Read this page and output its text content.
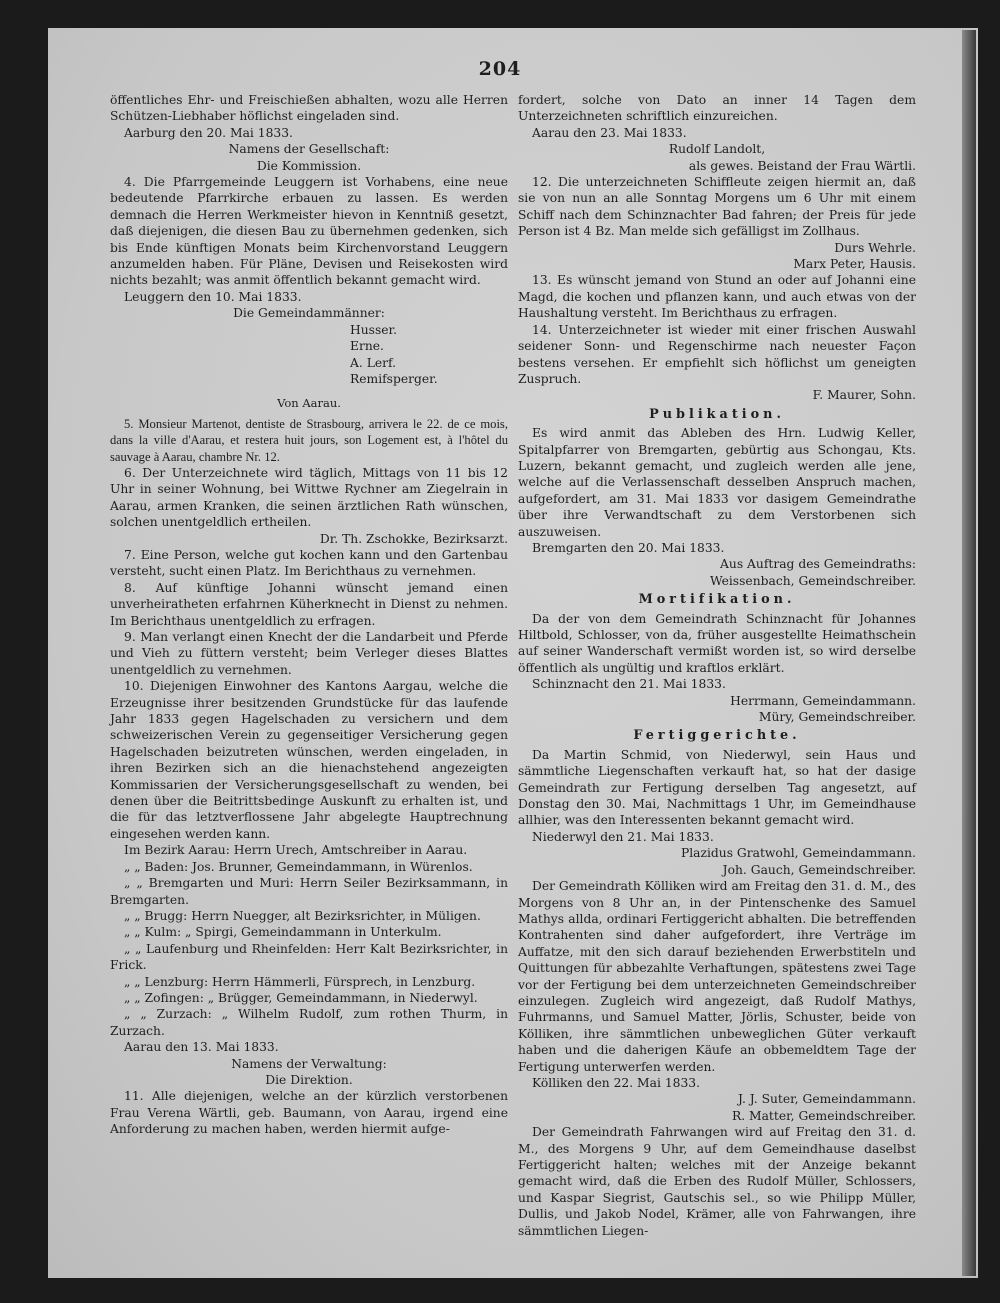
204

öffentliches Ehr- und Freischießen abhalten, wozu alle Herren Schützen-Liebhaber höflichst eingeladen sind.

Aarburg den 20. Mai 1833.

Namens der Gesellschaft:

Die Kommission.

4. Die Pfarrgemeinde Leuggern ist Vorhabens, eine neue bedeutende Pfarrkirche erbauen zu lassen. Es werden demnach die Herren Werkmeister hievon in Kenntniß gesetzt, daß diejenigen, die diesen Bau zu übernehmen gedenken, sich bis Ende künftigen Monats beim Kirchenvorstand Leuggern anzumelden haben. Für Pläne, Devisen und Reisekosten wird nichts bezahlt; was anmit öffentlich bekannt gemacht wird.

Leuggern den 10. Mai 1833.

Die Gemeindammänner:

Husser.

Erne.

A. Lerf.

Remifsperger.

Von Aarau.

5. Monsieur Martenot, dentiste de Strasbourg, arrivera le 22. de ce mois, dans la ville d'Aarau, et restera huit jours, son Logement est, à l'hôtel du sauvage à Aarau, chambre Nr. 12.

6. Der Unterzeichnete wird täglich, Mittags von 11 bis 12 Uhr in seiner Wohnung, bei Wittwe Rychner am Ziegelrain in Aarau, armen Kranken, die seinen ärztlichen Rath wünschen, solchen unentgeldlich ertheilen.

Dr. Th. Zschokke, Bezirksarzt.

7. Eine Person, welche gut kochen kann und den Gartenbau versteht, sucht einen Platz. Im Berichthaus zu vernehmen.

8. Auf künftige Johanni wünscht jemand einen unverheiratheten erfahrnen Küherknecht in Dienst zu nehmen. Im Berichthaus unentgeldlich zu erfragen.

9. Man verlangt einen Knecht der die Landarbeit und Pferde und Vieh zu füttern versteht; beim Verleger dieses Blattes unentgeldlich zu vernehmen.

10. Diejenigen Einwohner des Kantons Aargau, welche die Erzeugnisse ihrer besitzenden Grundstücke für das laufende Jahr 1833 gegen Hagelschaden zu versichern und dem schweizerischen Verein zu gegenseitiger Versicherung gegen Hagelschaden beizutreten wünschen, werden eingeladen, in ihren Bezirken sich an die hienachstehend angezeigten Kommissarien der Versicherungsgesellschaft zu wenden, bei denen über die Beitrittsbedinge Auskunft zu erhalten ist, und die für das letztverflossene Jahr abgelegte Hauptrechnung eingesehen werden kann.

Im Bezirk Aarau: Herrn Urech, Amtschreiber in Aarau.

„ „ Baden: Jos. Brunner, Gemeindammann, in Würenlos.

„ „ Bremgarten und Muri: Herrn Seiler Bezirksammann, in Bremgarten.

„ „ Brugg: Herrn Nuegger, alt Bezirksrichter, in Müligen.

„ „ Kulm: „ Spirgi, Gemeindammann in Unterkulm.

„ „ Laufenburg und Rheinfelden: Herr Kalt Bezirksrichter, in Frick.

„ „ Lenzburg: Herrn Hämmerli, Fürsprech, in Lenzburg.

„ „ Zofingen: „ Brügger, Gemeindammann, in Niederwyl.

„ „ Zurzach: „ Wilhelm Rudolf, zum rothen Thurm, in Zurzach.

Aarau den 13. Mai 1833.

Namens der Verwaltung:

Die Direktion.

11. Alle diejenigen, welche an der kürzlich verstorbenen Frau Verena Wärtli, geb. Baumann, von Aarau, irgend eine Anforderung zu machen haben, werden hiermit aufge-

fordert, solche von Dato an inner 14 Tagen dem Unterzeichneten schriftlich einzureichen.

Aarau den 23. Mai 1833.

Rudolf Landolt,

als gewes. Beistand der Frau Wärtli.

12. Die unterzeichneten Schiffleute zeigen hiermit an, daß sie von nun an alle Sonntag Morgens um 6 Uhr mit einem Schiff nach dem Schinznachter Bad fahren; der Preis für jede Person ist 4 Bz. Man melde sich gefälligst im Zollhaus.

Durs Wehrle.

Marx Peter, Hausis.

13. Es wünscht jemand von Stund an oder auf Johanni eine Magd, die kochen und pflanzen kann, und auch etwas von der Haushaltung versteht. Im Berichthaus zu erfragen.

14. Unterzeichneter ist wieder mit einer frischen Auswahl seidener Sonn- und Regenschirme nach neuester Façon bestens versehen. Er empfiehlt sich höflichst um geneigten Zuspruch.

F. Maurer, Sohn.

Publikation.

Es wird anmit das Ableben des Hrn. Ludwig Keller, Spitalpfarrer von Bremgarten, gebürtig aus Schongau, Kts. Luzern, bekannt gemacht, und zugleich werden alle jene, welche auf die Verlassenschaft desselben Anspruch machen, aufgefordert, am 31. Mai 1833 vor dasigem Gemeindrathe über ihre Verwandtschaft zu dem Verstorbenen sich auszuweisen.

Bremgarten den 20. Mai 1833.

Aus Auftrag des Gemeindraths:

Weissenbach, Gemeindschreiber.

Mortifikation.

Da der von dem Gemeindrath Schinznacht für Johannes Hiltbold, Schlosser, von da, früher ausgestellte Heimathschein auf seiner Wanderschaft vermißt worden ist, so wird derselbe öffentlich als ungültig und kraftlos erklärt.

Schinznacht den 21. Mai 1833.

Herrmann, Gemeindammann.

Müry, Gemeindschreiber.

Fertiggerichte.

Da Martin Schmid, von Niederwyl, sein Haus und sämmtliche Liegenschaften verkauft hat, so hat der dasige Gemeindrath zur Fertigung derselben Tag angesetzt, auf Donstag den 30. Mai, Nachmittags 1 Uhr, im Gemeindhause allhier, was den Interessenten bekannt gemacht wird.

Niederwyl den 21. Mai 1833.

Plazidus Gratwohl, Gemeindammann.

Joh. Gauch, Gemeindschreiber.

Der Gemeindrath Kölliken wird am Freitag den 31. d. M., des Morgens von 8 Uhr an, in der Pintenschenke des Samuel Mathys allda, ordinari Fertiggericht abhalten. Die betreffenden Kontrahenten sind daher aufgefordert, ihre Verträge im Auffatze, mit den sich darauf beziehenden Erwerbstiteln und Quittungen für abbezahlte Verhaftungen, spätestens zwei Tage vor der Fertigung bei dem unterzeichneten Gemeindschreiber einzulegen. Zugleich wird angezeigt, daß Rudolf Mathys, Fuhrmanns, und Samuel Matter, Jörlis, Schuster, beide von Kölliken, ihre sämmtlichen unbeweglichen Güter verkauft haben und die daherigen Käufe an obbemeldtem Tage der Fertigung unterwerfen werden.

Kölliken den 22. Mai 1833.

J. J. Suter, Gemeindammann.

R. Matter, Gemeindschreiber.

Der Gemeindrath Fahrwangen wird auf Freitag den 31. d. M., des Morgens 9 Uhr, auf dem Gemeindhause daselbst Fertiggericht halten; welches mit der Anzeige bekannt gemacht wird, daß die Erben des Rudolf Müller, Schlossers, und Kaspar Siegrist, Gautschis sel., so wie Philipp Müller, Dullis, und Jakob Nodel, Krämer, alle von Fahrwangen, ihre sämmtlichen Liegen-
